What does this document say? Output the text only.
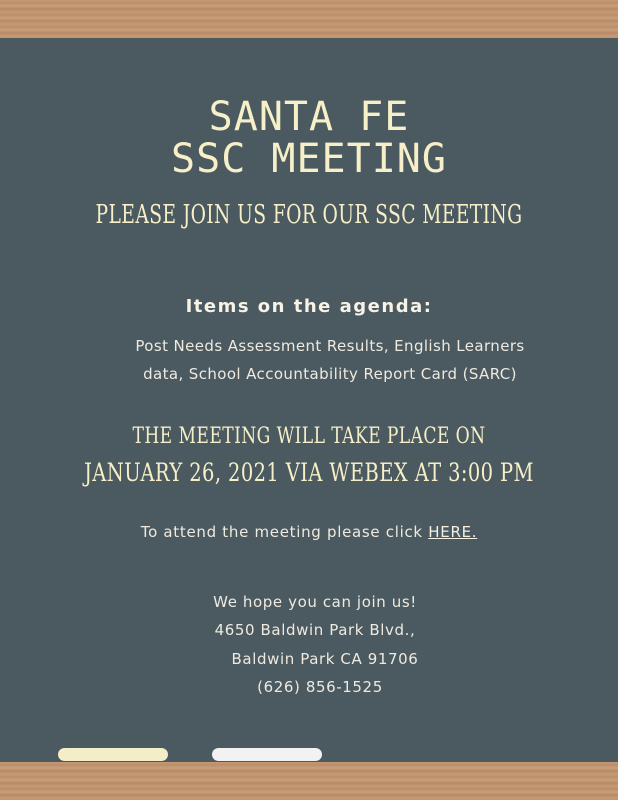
SANTA FE
SSC MEETING
PLEASE JOIN US FOR OUR SSC MEETING
Items on the agenda:
Post Needs Assessment Results, English Learners data, School Accountability Report Card (SARC)
THE MEETING WILL TAKE PLACE ON
JANUARY 26, 2021 VIA WEBEX AT 3:00 PM
To attend the meeting please click HERE.
We hope you can join us!
4650 Baldwin Park Blvd.,
Baldwin Park CA 91706
(626) 856-1525
